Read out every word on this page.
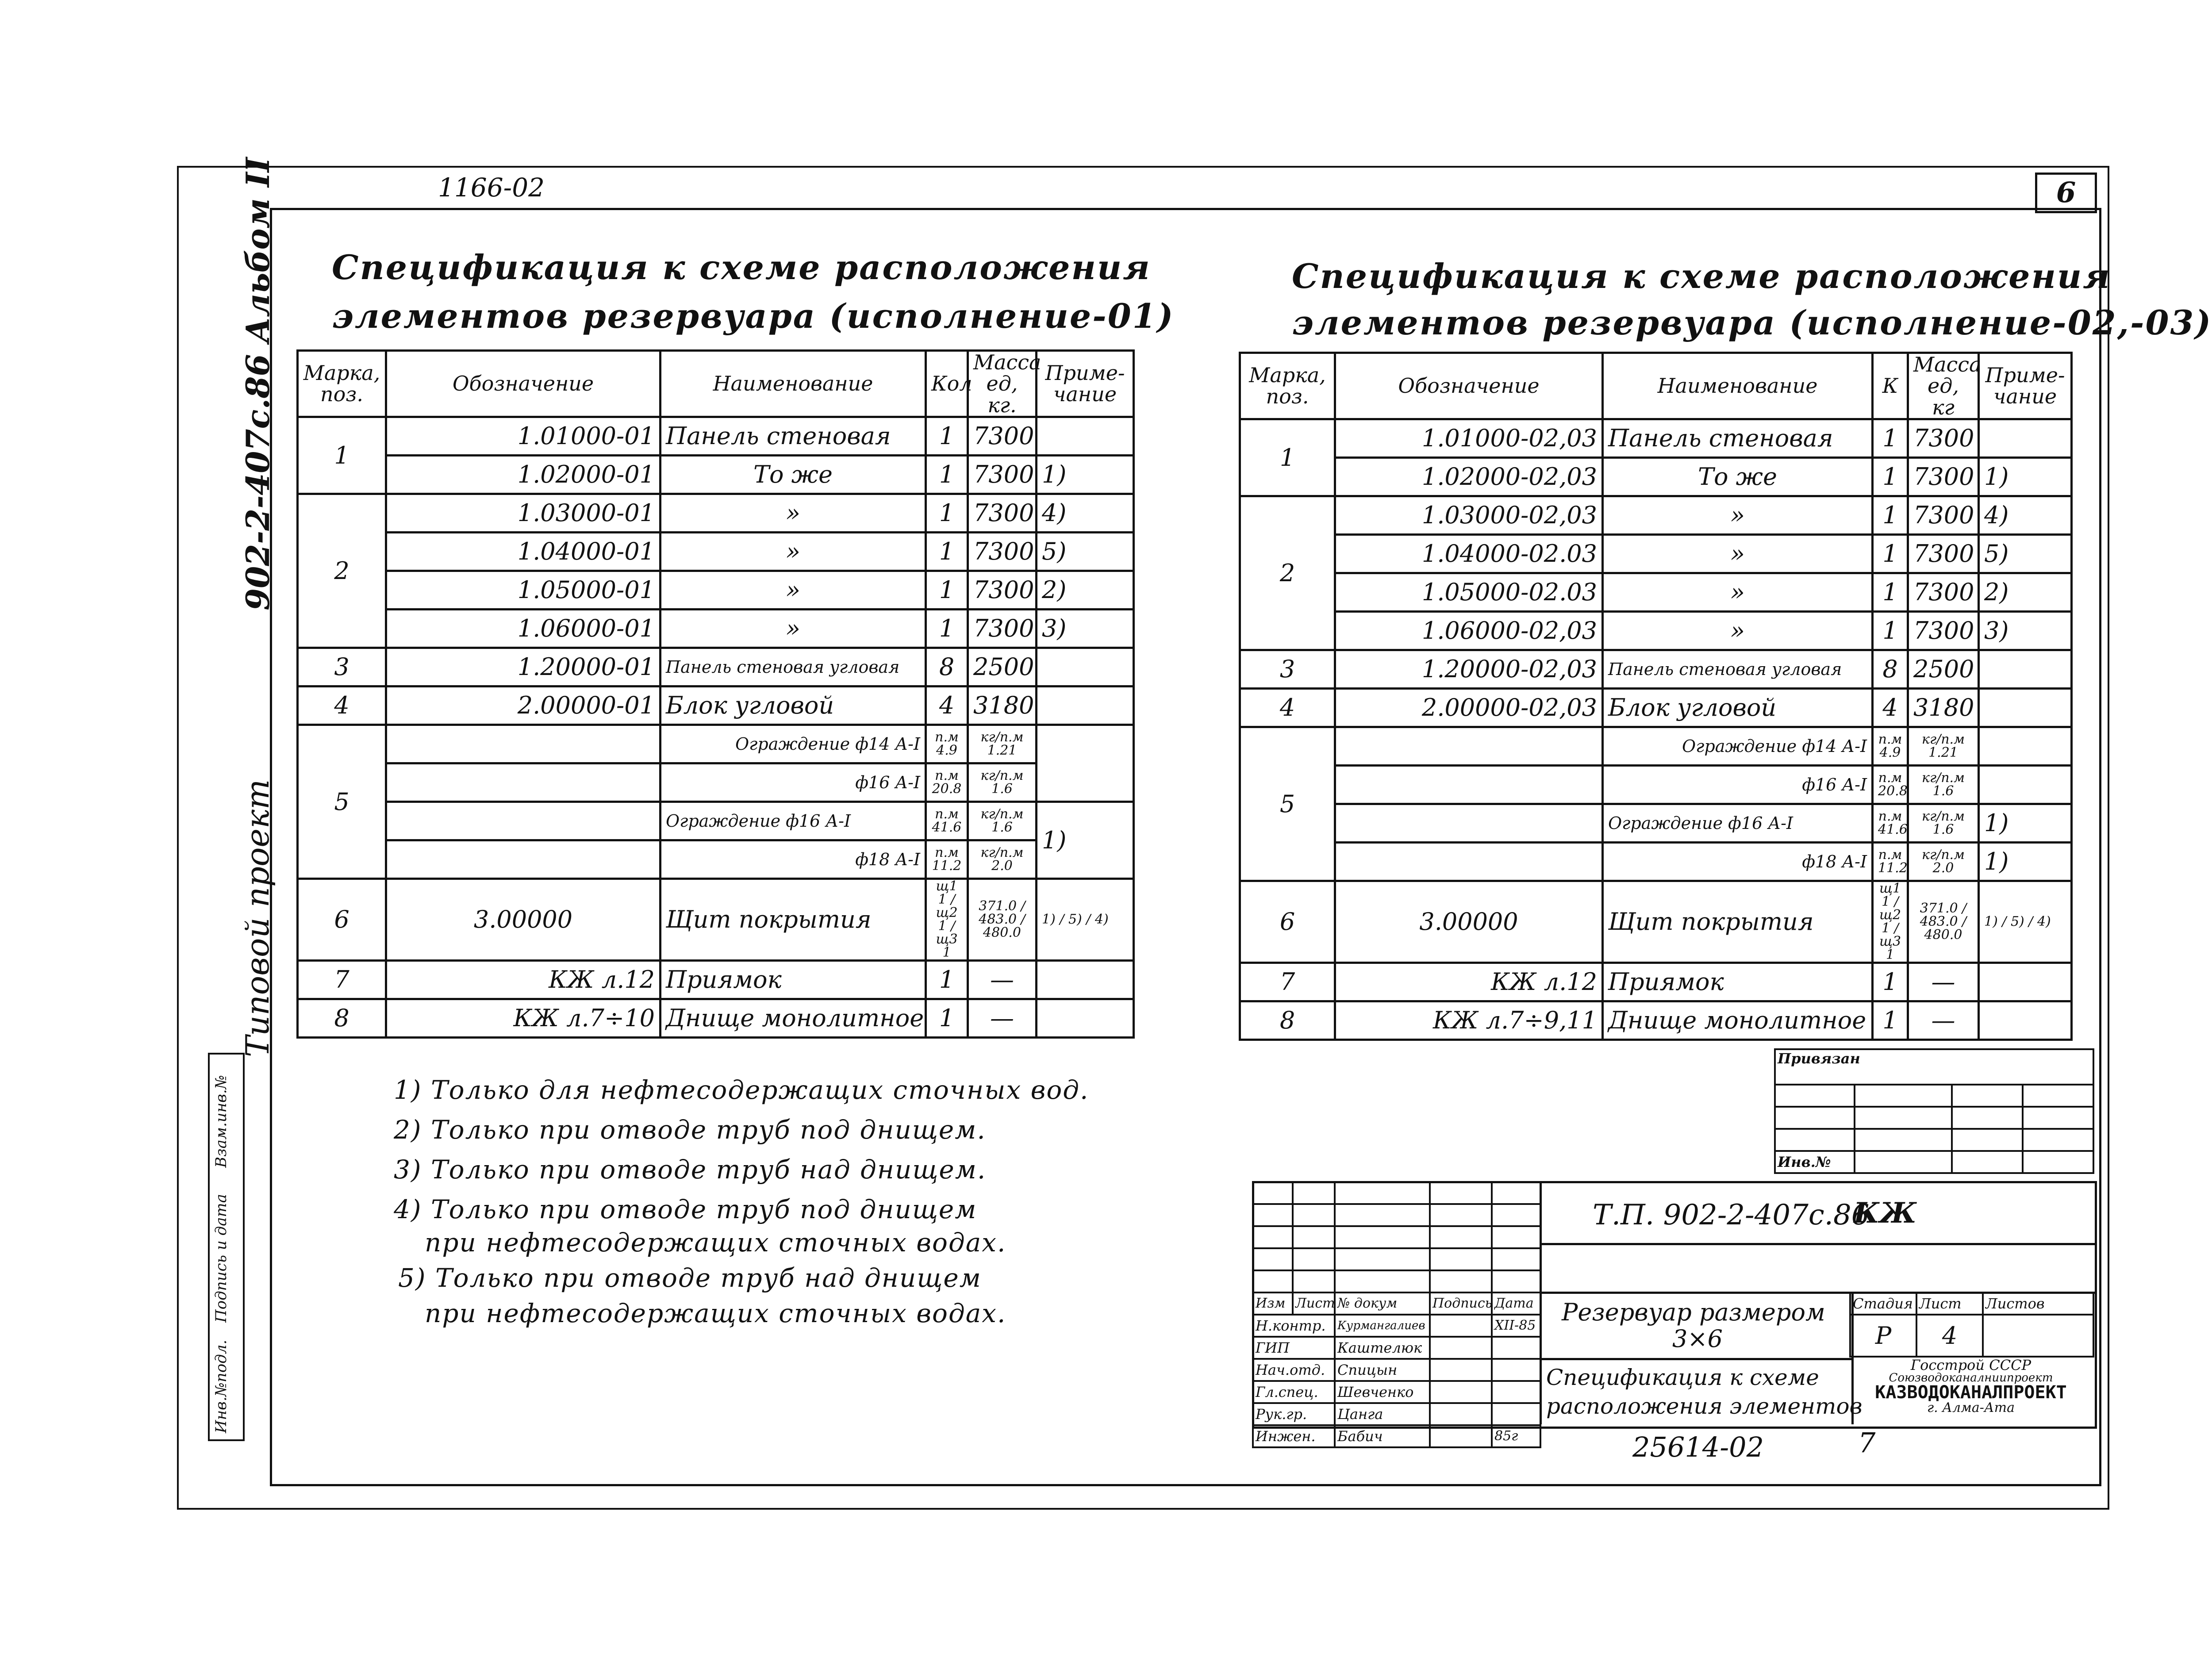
1166-02	6
902-2-407с.86 Альбом II
Типовой проект
Взам.инв.№
Подпись и дата
Инв.№подл.
Спецификация к схеме расположения
элементов резервуара (исполнение-01)
Спецификация к схеме расположения
элементов резервуара (исполнение-02,-03)
Марка, поз.	Обозначение	Наименование	Кол	Масса ед, кг.	Приме-чание
1	1.01000-01	Панель стеновая	1	7300	
	1.02000-01	То же	1	7300	1)
2	1.03000-01	»	1	7300	4)
	1.04000-01	»	1	7300	5)
	1.05000-01	»	1	7300	2)
	1.06000-01	»	1	7300	3)
3	1.20000-01	Панель стеновая угловая	8	2500	
4	2.00000-01	Блок угловой	4	3180	
5		Ограждение ф14 А-I	п.м 4.9	кг/п.м 1.21	
		ф16 А-I	п.м 20.8	кг/п.м 1.6	
		Ограждение ф16 А-I	п.м 41.6	кг/п.м 1.6	1)
		ф18 А-I	п.м 11.2	кг/п.м 2.0	
6	3.00000	Щит покрытия	щ1 1 / щ2 1 / щ3 1	371.0 / 483.0 / 480.0	1) / 5) / 4)
7	КЖ л.12	Приямок	1	—	
8	КЖ л.7÷10	Днище монолитное	1	—	
Марка, поз.	Обозначение	Наименование	К	Масса ед, кг	Приме-чание
1	1.01000-02,03	Панель стеновая	1	7300	
	1.02000-02,03	То же	1	7300	1)
2	1.03000-02,03	»	1	7300	4)
	1.04000-02.03	»	1	7300	5)
	1.05000-02.03	»	1	7300	2)
	1.06000-02,03	»	1	7300	3)
3	1.20000-02,03	Панель стеновая угловая	8	2500	
4	2.00000-02,03	Блок угловой	4	3180	
5		Ограждение ф14 А-I	п.м 4.9	кг/п.м 1.21	
		ф16 А-I	п.м 20.8	кг/п.м 1.6	
		Ограждение ф16 А-I	п.м 41.6	кг/п.м 1.6	1)
		ф18 А-I	п.м 11.2	кг/п.м 2.0	1)
6	3.00000	Щит покрытия	щ1 1 / щ2 1 / щ3 1	371.0 / 483.0 / 480.0	1) / 5) / 4)
7	КЖ л.12	Приямок	1	—	
8	КЖ л.7÷9,11	Днище монолитное	1	—	
1) Только для нефтесодержащих сточных вод.
2) Только при отводе труб под днищем.
3) Только при отводе труб над днищем.
4) Только при отводе труб под днищем
при нефтесодержащих сточных водах.
5) Только при отводе труб над днищем
при нефтесодержащих сточных водах.
Привязан			

Инв.№			

Изм	Лист	№ докум	Подпись	Дата
Н.контр.		Курмангалиев		XII-85
ГИП		Каштелюк		
Нач.отд.		Спицын		
Гл.спец.		Шевченко		
Рук.гр.		Цанга		
Инжен.		Бабич		85г
Т.П. 902-2-407с.86
КЖ
Резервуар размером
3×6
Стадия	Лист	Листов
Р	4	
Спецификация к схеме
расположения элементов
Госстрой СССР
Союзводоканалниипроект
КАЗВОДОКАНАЛПРОЕКТ
г. Алма-Ата
25614-02	7
